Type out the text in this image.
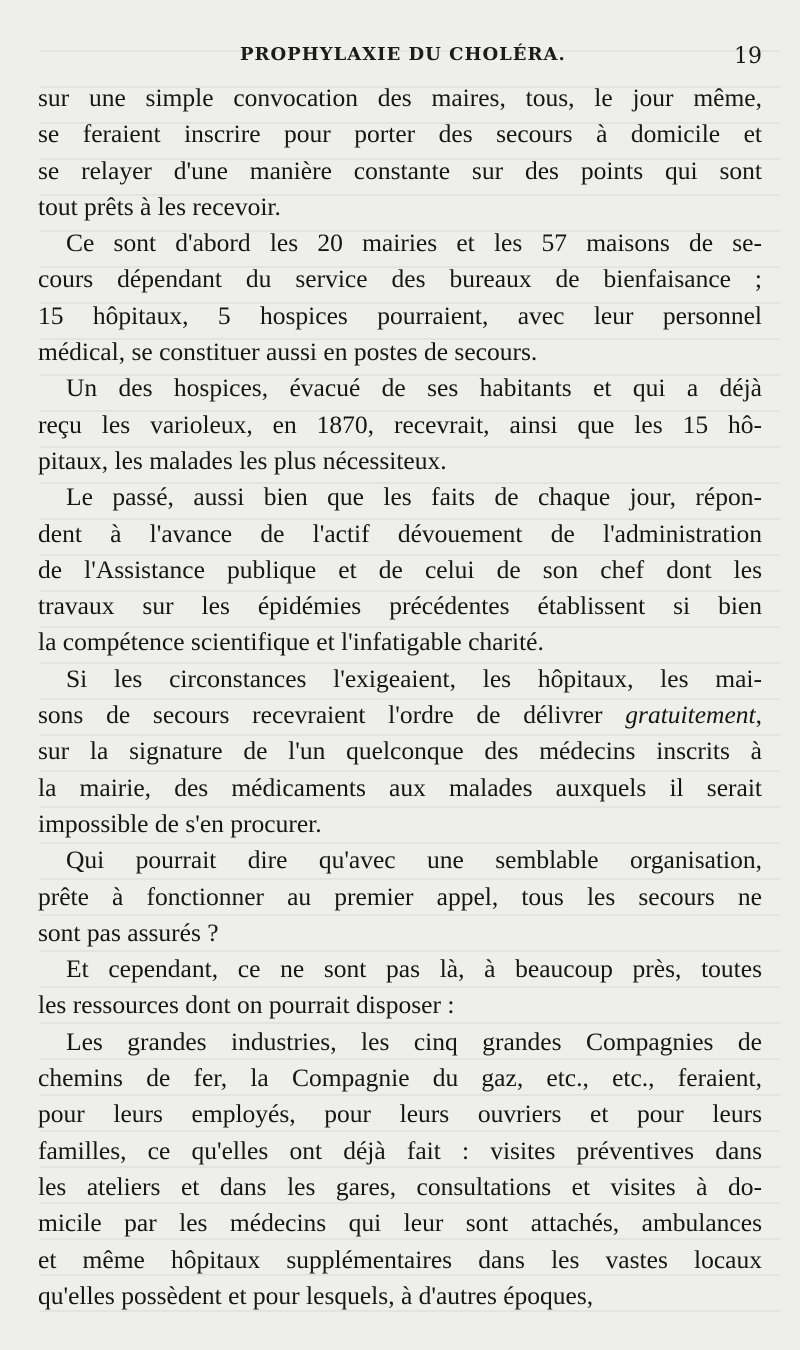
PROPHYLAXIE DU CHOLÉRA.	19

sur une simple convocation des maires, tous, le jour même,
se feraient inscrire pour porter des secours à domicile et
se relayer d'une manière constante sur des points qui sont
tout prêts à les recevoir.

Ce sont d'abord les 20 mairies et les 57 maisons de se-
cours dépendant du service des bureaux de bienfaisance ;
15 hôpitaux, 5 hospices pourraient, avec leur personnel
médical, se constituer aussi en postes de secours.

Un des hospices, évacué de ses habitants et qui a déjà
reçu les varioleux, en 1870, recevrait, ainsi que les 15 hô-
pitaux, les malades les plus nécessiteux.

Le passé, aussi bien que les faits de chaque jour, répon-
dent à l'avance de l'actif dévouement de l'administration
de l'Assistance publique et de celui de son chef dont les
travaux sur les épidémies précédentes établissent si bien
la compétence scientifique et l'infatigable charité.

Si les circonstances l'exigeaient, les hôpitaux, les mai-
sons de secours recevraient l'ordre de délivrer gratuitement,
sur la signature de l'un quelconque des médecins inscrits à
la mairie, des médicaments aux malades auxquels il serait
impossible de s'en procurer.

Qui pourrait dire qu'avec une semblable organisation,
prête à fonctionner au premier appel, tous les secours ne
sont pas assurés ?

Et cependant, ce ne sont pas là, à beaucoup près, toutes
les ressources dont on pourrait disposer :

Les grandes industries, les cinq grandes Compagnies de
chemins de fer, la Compagnie du gaz, etc., etc., feraient,
pour leurs employés, pour leurs ouvriers et pour leurs
familles, ce qu'elles ont déjà fait : visites préventives dans
les ateliers et dans les gares, consultations et visites à do-
micile par les médecins qui leur sont attachés, ambulances
et même hôpitaux supplémentaires dans les vastes locaux
qu'elles possèdent et pour lesquels, à d'autres époques,
